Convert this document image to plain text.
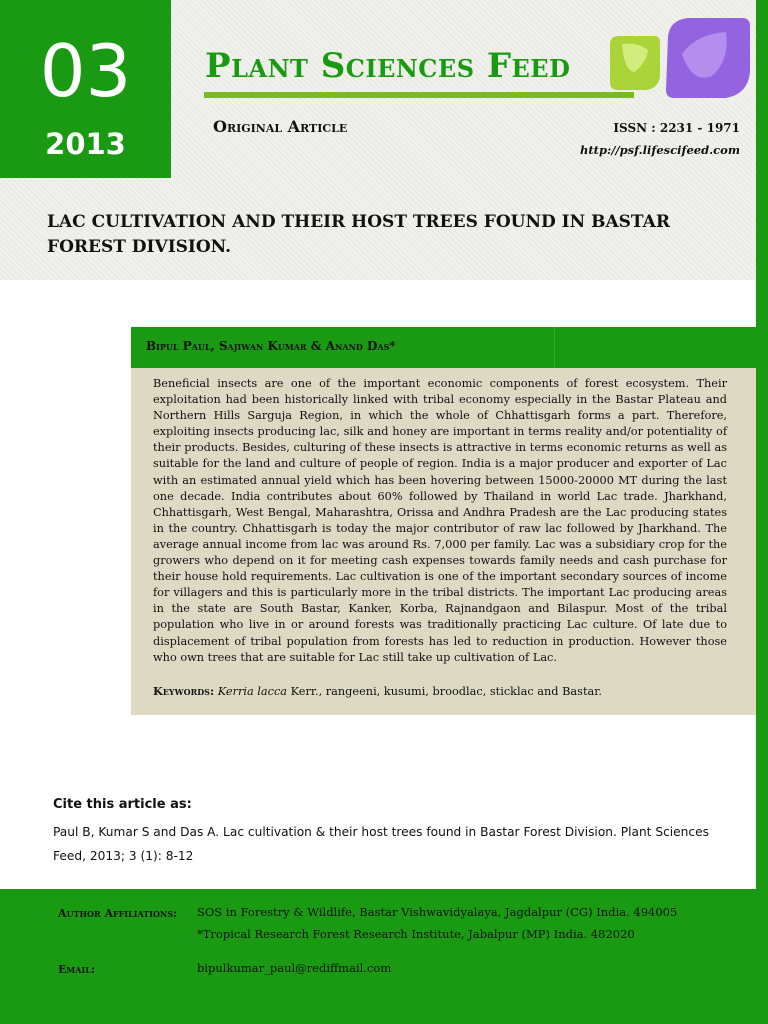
03
2013
Plant Sciences Feed
Original Article	ISSN : 2231 - 1971
http://psf.lifescifeed.com
LAC CULTIVATION AND THEIR HOST TREES FOUND IN BASTAR FOREST DIVISION.
Bipul Paul, Sajiwan Kumar & Anand Das*

Beneficial insects are one of the important economic components of forest ecosystem. Their exploitation had been historically linked with tribal economy especially in the Bastar Plateau and Northern Hills Sarguja Region, in which the whole of Chhattisgarh forms a part. Therefore, exploiting insects producing lac, silk and honey are important in terms reality and/or potentiality of their products. Besides, culturing of these insects is attractive in terms economic returns as well as suitable for the land and culture of people of region. India is a major producer and exporter of Lac with an estimated annual yield which has been hovering between 15000-20000 MT during the last one decade. India contributes about 60% followed by Thailand in world Lac trade. Jharkhand, Chhattisgarh, West Bengal, Maharashtra, Orissa and Andhra Pradesh are the Lac producing states in the country. Chhattisgarh is today the major contributor of raw lac followed by Jharkhand. The average annual income from lac was around Rs. 7,000 per family. Lac was a subsidiary crop for the growers who depend on it for meeting cash expenses towards family needs and cash purchase for their house hold requirements. Lac cultivation is one of the important secondary sources of income for villagers and this is particularly more in the tribal districts. The important Lac producing areas in the state are South Bastar, Kanker, Korba, Rajnandgaon and Bilaspur. Most of the tribal population who live in or around forests was traditionally practicing Lac culture. Of late due to displacement of tribal population from forests has led to reduction in production. However those who own trees that are suitable for Lac still take up cultivation of Lac.

Keywords: Kerria lacca Kerr., rangeeni, kusumi, broodlac, sticklac and Bastar.
Cite this article as:

Paul B, Kumar S and Das A. Lac cultivation & their host trees found in Bastar Forest Division. Plant Sciences Feed, 2013; 3 (1): 8-12

Author Affiliations: SOS in Forestry & Wildlife, Bastar Vishwavidyalaya, Jagdalpur (CG) India. 494005
*Tropical Research Forest Research Institute, Jabalpur (MP) India. 482020
Email:	bipulkumar_paul@rediffmail.com
